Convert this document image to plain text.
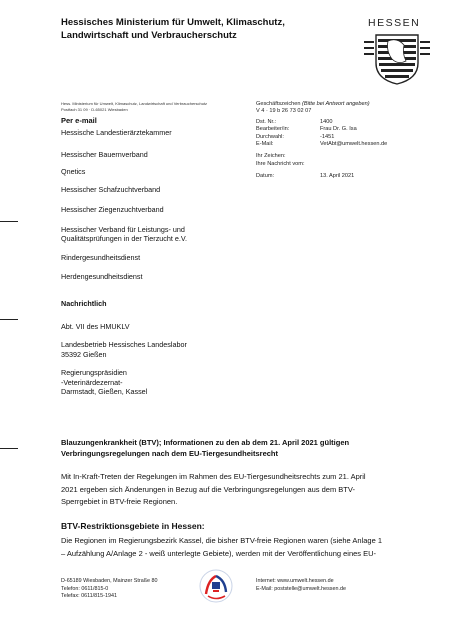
Hessisches Ministerium für Umwelt, Klimaschutz,
Landwirtschaft und Verbraucherschutz
HESSEN
Hess. Ministerium für Umwelt, Klimaschutz, Landwirtschaft und Verbraucherschutz
Postfach 31 09 · D-65021 Wiesbaden
Geschäftszeichen (Bitte bei Antwort angeben)
V 4 · 19 b 26 73 02 07
Dst. Nr.:	1400
Bearbeiter/in:	Frau Dr. G. Isa
Durchwahl:	-1451
E-Mail:	VetAbt@umwelt.hessen.de
Ihr Zeichen:
Ihre Nachricht vom:
Datum:	13. April 2021
Per e-mail
Hessische Landestierärztekammer
Hessischer Bauernverband
Qnetics
Hessischer Schafzuchtverband
Hessischer Ziegenzuchtverband
Hessischer Verband für Leistungs- und
Qualitätsprüfungen in der Tierzucht e.V.
Rindergesundheitsdienst
Herdengesundheitsdienst
Nachrichtlich
Abt. VII des HMUKLV
Landesbetrieb Hessisches Landeslabor
35392 Gießen
Regierungspräsidien
-Veterinärdezernat-
Darmstadt, Gießen, Kassel
Blauzungenkrankheit (BTV); Informationen zu den ab dem 21. April 2021 gültigen
Verbringungsregelungen nach dem EU-Tiergesundheitsrecht
Mit In-Kraft-Treten der Regelungen im Rahmen des EU-Tiergesundheitsrechts zum 21. April
2021 ergeben sich Änderungen in Bezug auf die Verbringungsregelungen aus dem BTV-
Sperrgebiet in BTV-freie Regionen.
BTV-Restriktionsgebiete in Hessen:
Die Regionen im Regierungsbezirk Kassel, die bisher BTV-freie Regionen waren (siehe Anlage 1
– Aufzählung A/Anlage 2 - weiß unterlegte Gebiete), werden mit der Veröffentlichung eines EU-
D-65189 Wiesbaden, Mainzer Straße 80
Telefon: 0611/815-0
Telefax: 0611/815-1941
Internet: www.umwelt.hessen.de
E-Mail: poststelle@umwelt.hessen.de
